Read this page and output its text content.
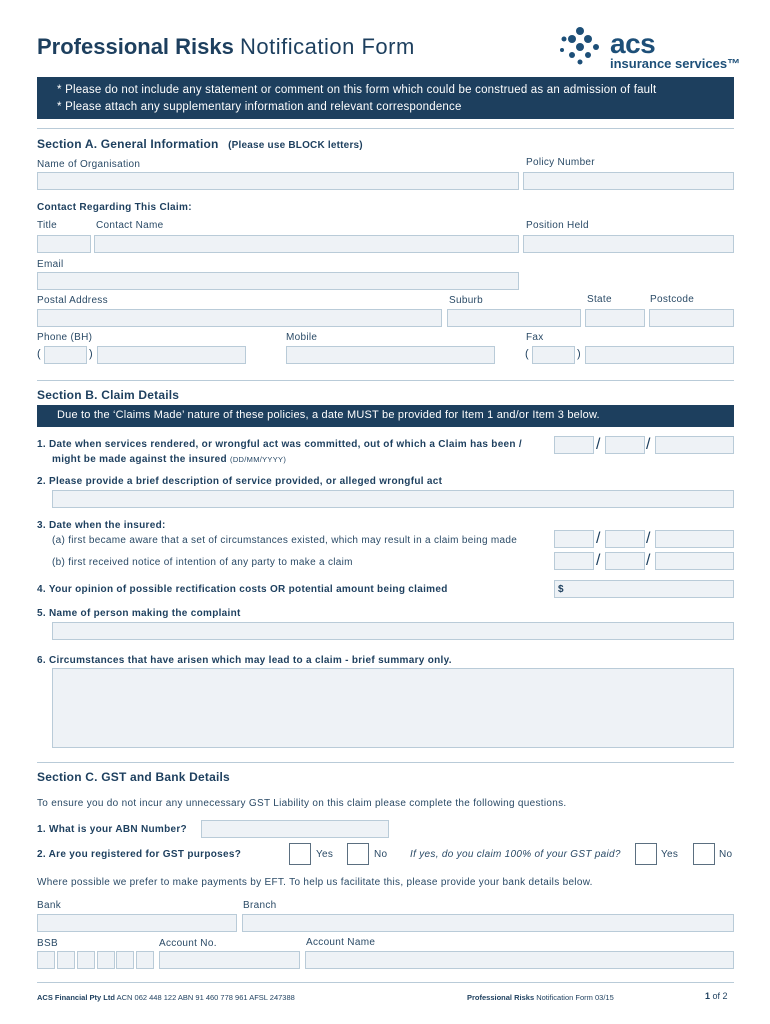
Professional Risks Notification Form	acs
insurance services™
* Please do not include any statement or comment on this form which could be construed as an admission of fault
* Please attach any supplementary information and relevant correspondence
Section A. General Information (Please use BLOCK letters)
Name of Organisation	Policy Number
Contact Regarding This Claim:
Title	Contact Name	Position Held
Email
Postal Address	Suburb	State	Postcode
Phone (BH)	Mobile	Fax
(	)	(	)
Section B. Claim Details
Due to the ‘Claims Made’ nature of these policies, a date MUST be provided for Item 1 and/or Item 3 below.
1. Date when services rendered, or wrongful act was committed, out of which a Claim has been /
might be made against the insured (DD/MM/YYYY)
/	/
2. Please provide a brief description of service provided, or alleged wrongful act
3. Date when the insured:
(a) first became aware that a set of circumstances existed, which may result in a claim being made	/	/
(b) first received notice of intention of any party to make a claim	/	/
4. Your opinion of possible rectification costs OR potential amount being claimed	$
5. Name of person making the complaint
6. Circumstances that have arisen which may lead to a claim - brief summary only.
Section C. GST and Bank Details
To ensure you do not incur any unnecessary GST Liability on this claim please complete the following questions.
1. What is your ABN Number?
2. Are you registered for GST purposes?	Yes	No If yes, do you claim 100% of your GST paid?	Yes	No
Where possible we prefer to make payments by EFT. To help us facilitate this, please provide your bank details below.
Bank	Branch
BSB	Account No.	Account Name
ACS Financial Pty Ltd ACN 062 448 122 ABN 91 460 778 961 AFSL 247388	Professional Risks Notification Form 03/15	1 of 2
